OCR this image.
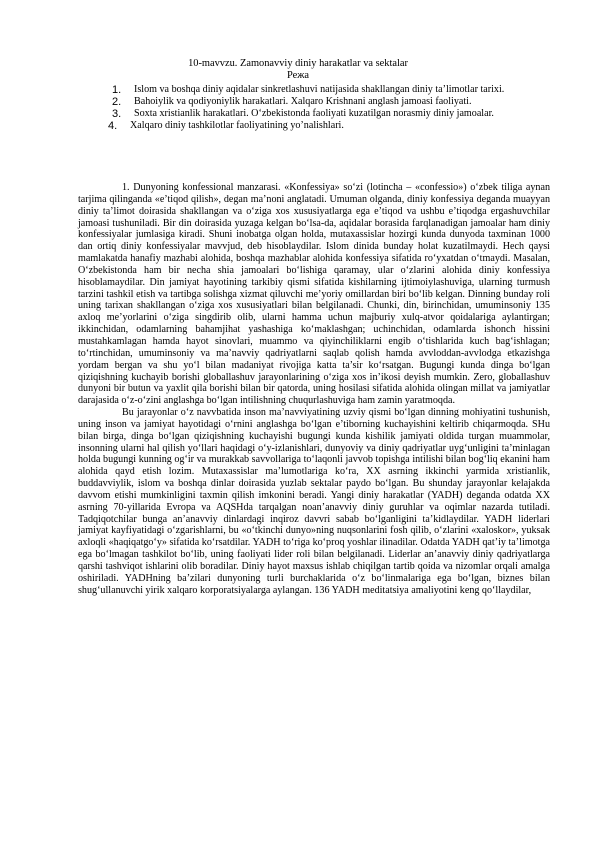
10-mavvzu. Zamonavviy diniy harakatlar va sektalar
Режа
1. Islom va boshqa diniy aqidalar sinkretlashuvi natijasida shakllangan diniy ta’limotlar tarixi.
2. Bahoiylik va qodiyoniylik harakatlari. Xalqaro Krishnani anglash jamoasi faoliyati.
3. Soxta xristianlik harakatlari. O‘zbekistonda faoliyati kuzatilgan norasmiy diniy jamoalar.
4. Xalqaro diniy tashkilotlar faoliyatining yo’nalishlari.

1. Dunyoning konfessional manzarasi. «Konfessiya» so‘zi (lotincha – «confessio») o‘zbek tiliga aynan tarjima qilinganda «e’tiqod qilish», degan ma’noni anglatadi. Umuman olganda, diniy konfessiya deganda muayyan diniy ta’limot doirasida shakllangan va o‘ziga xos xususiyatlarga ega e’tiqod va ushbu e’tiqodga ergashuvchilar jamoasi tushuniladi. Bir din doirasida yuzaga kelgan bo‘lsa-da, aqidalar borasida farqlanadigan jamoalar ham diniy konfessiyalar jumlasiga kiradi. Shuni inobatga olgan holda, mutaxassislar hozirgi kunda dunyoda taxminan 1000 dan ortiq diniy konfessiyalar mavvjud, deb hisoblaydilar. Islom dinida bunday holat kuzatilmaydi. Hech qaysi mamlakatda hanafiy mazhabi alohida, boshqa mazhablar alohida konfessiya sifatida ro‘yxatdan o‘tmaydi. Masalan, O‘zbekistonda ham bir necha shia jamoalari bo‘lishiga qaramay, ular o‘zlarini alohida diniy konfessiya hisoblamaydilar. Din jamiyat hayotining tarkibiy qismi sifatida kishilarning ijtimoiylashuviga, ularning turmush tarzini tashkil etish va tartibga solishga xizmat qiluvchi me’yoriy omillardan biri bo‘lib kelgan. Dinning bunday roli uning tarixan shakllangan o‘ziga xos xususiyatlari bilan belgilanadi. Chunki, din, birinchidan, umuminsoniy 135 axloq me’yorlarini o‘ziga singdirib olib, ularni hamma uchun majburiy xulq-atvor qoidalariga aylantirgan; ikkinchidan, odamlarning bahamjihat yashashiga ko‘maklashgan; uchinchidan, odamlarda ishonch hissini mustahkamlagan hamda hayot sinovlari, muammo va qiyinchiliklarni engib o‘tishlarida kuch bag‘ishlagan; to‘rtinchidan, umuminsoniy va ma’navviy qadriyatlarni saqlab qolish hamda avvloddan-avvlodga etkazishga yordam bergan va shu yo‘l bilan madaniyat rivojiga katta ta’sir ko‘rsatgan. Bugungi kunda dinga bo‘lgan qiziqishning kuchayib borishi globallashuv jarayonlarining o‘ziga xos in’ikosi deyish mumkin. Zero, globallashuv dunyoni bir butun va yaxlit qila borishi bilan bir qatorda, uning hosilasi sifatida alohida olingan millat va jamiyatlar darajasida o‘z-o‘zini anglashga bo‘lgan intilishning chuqurlashuviga ham zamin yaratmoqda.

Bu jarayonlar o‘z navvbatida inson ma’navviyatining uzviy qismi bo‘lgan dinning mohiyatini tushunish, uning inson va jamiyat hayotidagi o‘rnini anglashga bo‘lgan e’tiborning kuchayishini keltirib chiqarmoqda. SHu bilan birga, dinga bo‘lgan qiziqishning kuchayishi bugungi kunda kishilik jamiyati oldida turgan muammolar, insonning ularni hal qilish yo‘llari haqidagi o‘y-izlanishlari, dunyoviy va diniy qadriyatlar uyg‘unligini ta’minlagan holda bugungi kunning og‘ir va murakkab savvollariga to‘laqonli javvob topishga intilishi bilan bog‘liq ekanini ham alohida qayd etish lozim. Mutaxassislar ma’lumotlariga ko‘ra, XX asrning ikkinchi yarmida xristianlik, buddavviylik, islom va boshqa dinlar doirasida yuzlab sektalar paydo bo‘lgan. Bu shunday jarayonlar kelajakda davvom etishi mumkinligini taxmin qilish imkonini beradi. Yangi diniy harakatlar (YADH) deganda odatda XX asrning 70-yillarida Evropa va AQSHda tarqalgan noan’anavviy diniy guruhlar va oqimlar nazarda tutiladi. Tadqiqotchilar bunga an’anavviy dinlardagi inqiroz davvri sabab bo‘lganligini ta’kidlaydilar. YADH liderlari jamiyat kayfiyatidagi o‘zgarishlarni, bu «o‘tkinchi dunyo»ning nuqsonlarini fosh qilib, o‘zlarini «xaloskor», yuksak axloqli «haqiqatgo‘y» sifatida ko‘rsatdilar. YADH to‘riga ko‘proq yoshlar ilinadilar. Odatda YADH qat’iy ta’limotga ega bo‘lmagan tashkilot bo‘lib, uning faoliyati lider roli bilan belgilanadi. Liderlar an’anavviy diniy qadriyatlarga qarshi tashviqot ishlarini olib boradilar. Diniy hayot maxsus ishlab chiqilgan tartib qoida va nizomlar orqali amalga oshiriladi. YADHning ba’zilari dunyoning turli burchaklarida o‘z bo‘linmalariga ega bo‘lgan, biznes bilan shug‘ullanuvchi yirik xalqaro korporatsiyalarga aylangan. 136 YADH meditatsiya amaliyotini keng qo‘llaydilar,
